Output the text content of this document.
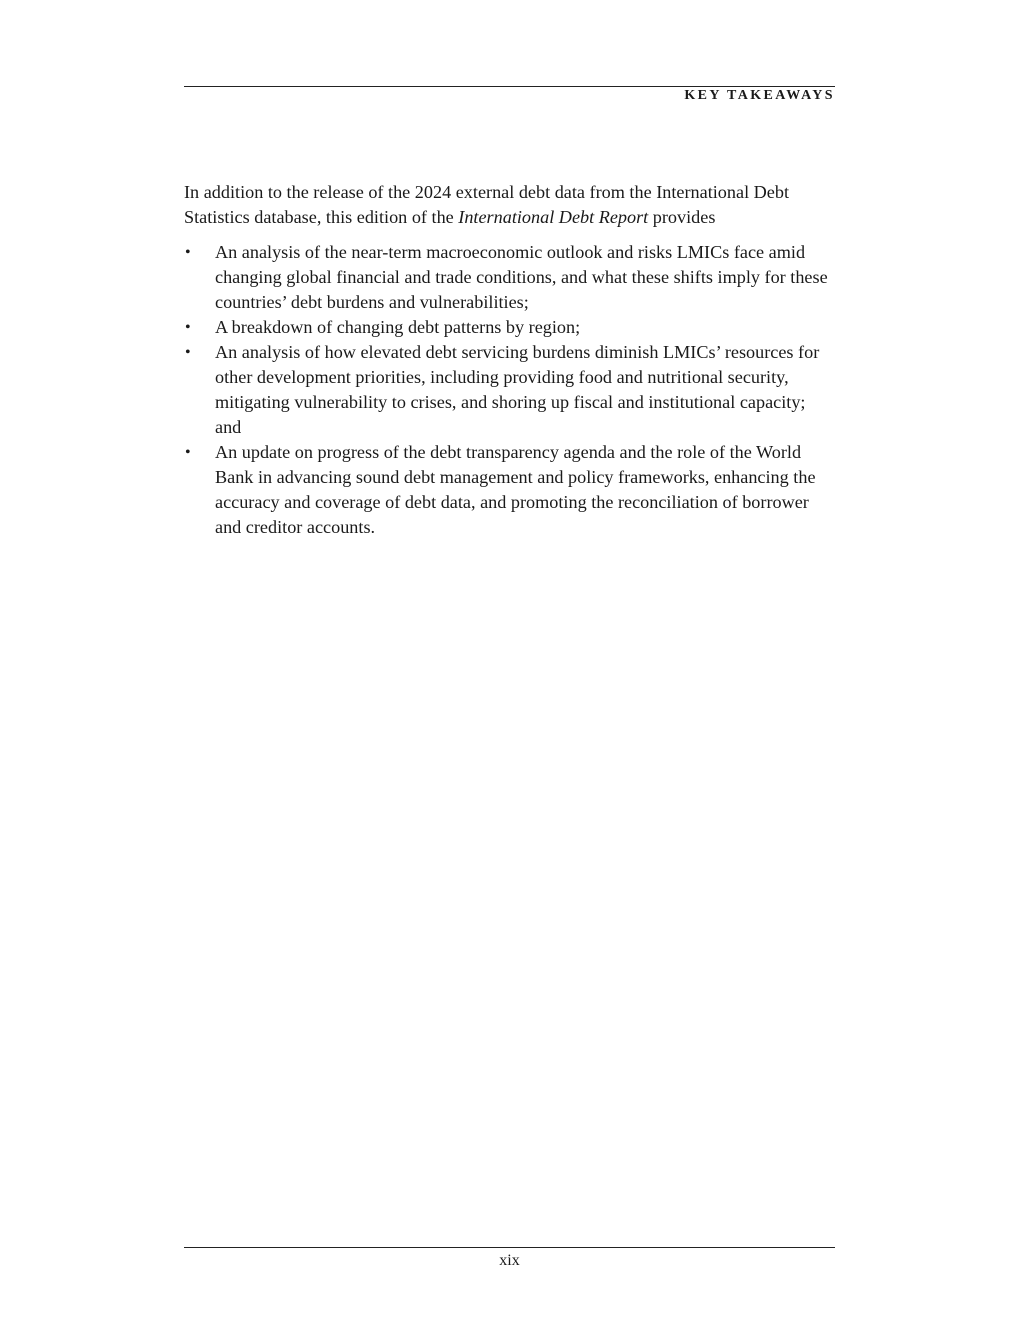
KEY TAKEAWAYS

In addition to the release of the 2024 external debt data from the International Debt Statistics database, this edition of the International Debt Report provides

•	An analysis of the near-term macroeconomic outlook and risks LMICs face amid changing global financial and trade conditions, and what these shifts imply for these countries’ debt burdens and vulnerabilities;
•	A breakdown of changing debt patterns by region;
•	An analysis of how elevated debt servicing burdens diminish LMICs’ resources for other development priorities, including providing food and nutritional security, mitigating vulnerability to crises, and shoring up fiscal and institutional capacity; and
•	An update on progress of the debt transparency agenda and the role of the World Bank in advancing sound debt management and policy frameworks, enhancing the accuracy and coverage of debt data, and promoting the reconciliation of borrower and creditor accounts.
xix
